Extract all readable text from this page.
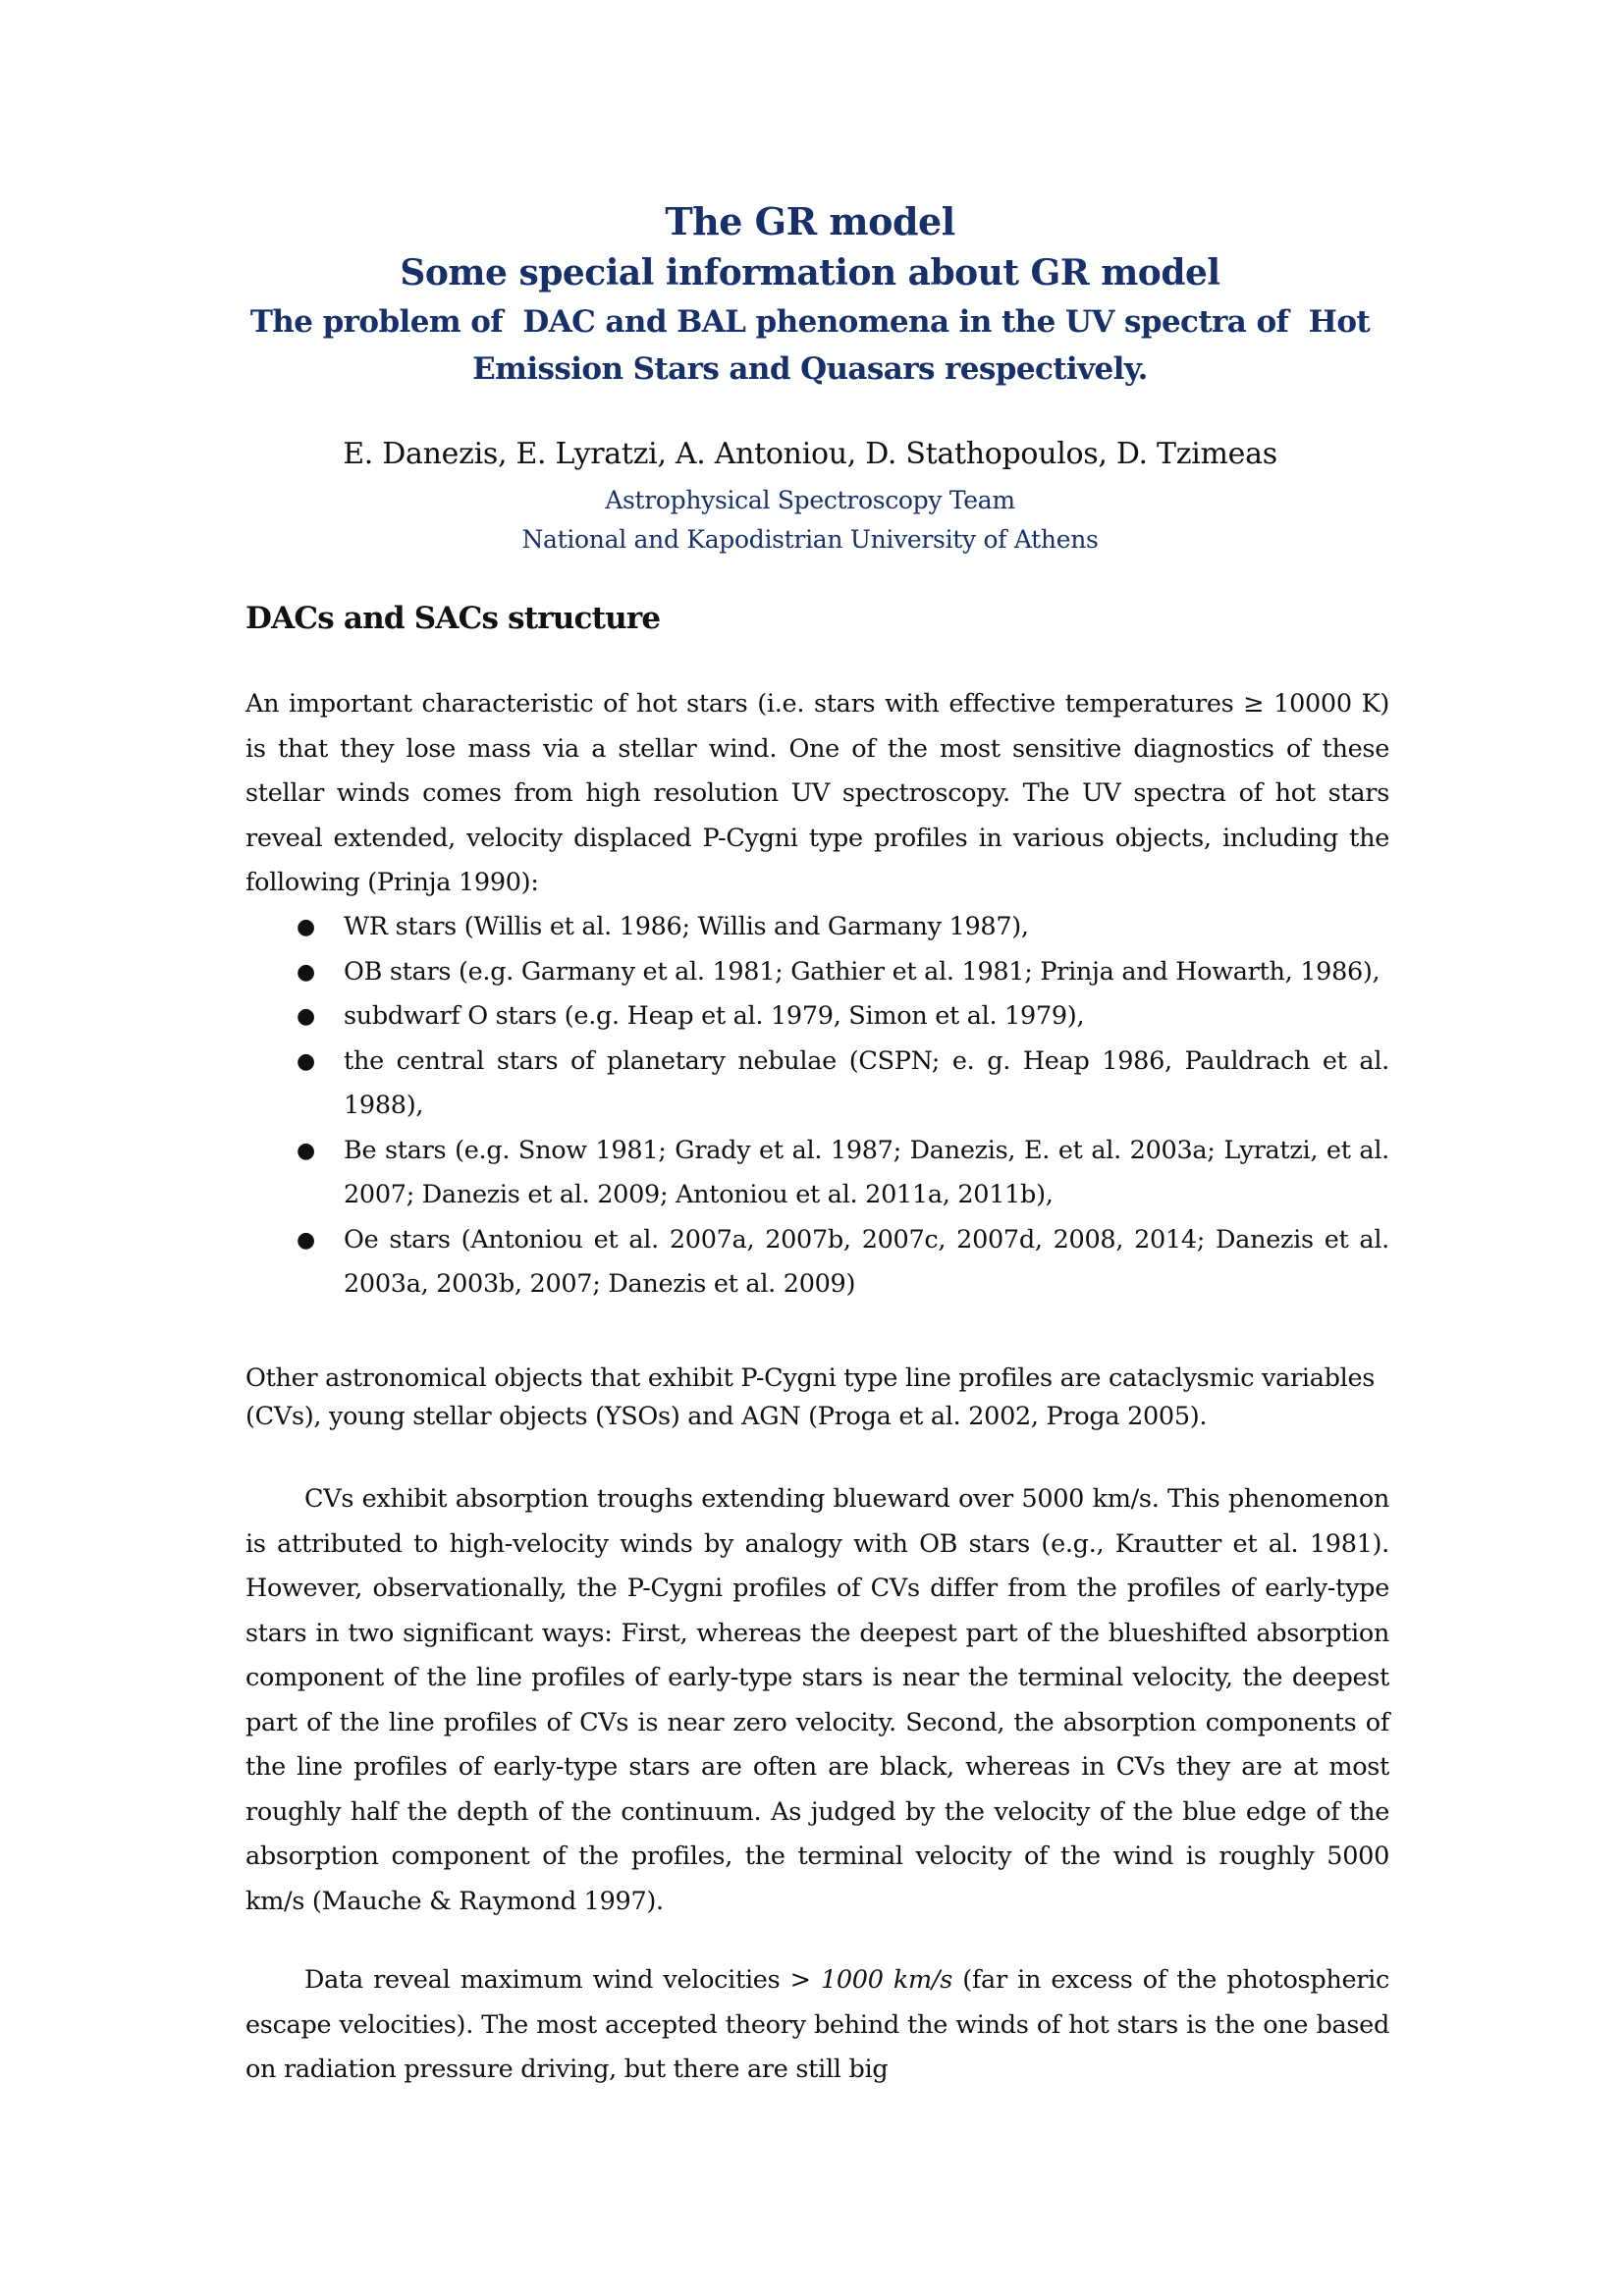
The GR model
Some special information about GR model
The problem of  DAC and BAL phenomena in the UV spectra of  Hot
Emission Stars and Quasars respectively.
E. Danezis, E. Lyratzi, A. Antoniou, D. Stathopoulos, D. Tzimeas
Astrophysical Spectroscopy Team
National and Kapodistrian University of Athens
DACs and SACs structure

An important characteristic of hot stars (i.e. stars with effective temperatures ≥ 10000 K) is that they lose mass via a stellar wind. One of the most sensitive diagnostics of these stellar winds comes from high resolution UV spectroscopy. The UV spectra of hot stars reveal extended, velocity displaced P-Cygni type profiles in various objects, including the following (Prinja 1990):

● WR stars (Willis et al. 1986; Willis and Garmany 1987),
● OB stars (e.g. Garmany et al. 1981; Gathier et al. 1981; Prinja and Howarth, 1986),
● subdwarf O stars (e.g. Heap et al. 1979, Simon et al. 1979),
● the central stars of planetary nebulae (CSPN; e. g. Heap 1986, Pauldrach et al. 1988),
● Be stars (e.g. Snow 1981; Grady et al. 1987; Danezis, E. et al. 2003a; Lyratzi, et al. 2007; Danezis et al. 2009; Antoniou et al. 2011a, 2011b),
● Oe stars (Antoniou et al. 2007a, 2007b, 2007c, 2007d, 2008, 2014; Danezis et al. 2003a, 2003b, 2007; Danezis et al. 2009)

Other astronomical objects that exhibit P-Cygni type line profiles are cataclysmic variables (CVs), young stellar objects (YSOs) and AGN (Proga et al. 2002, Proga 2005).

CVs exhibit absorption troughs extending blueward over 5000 km/s. This phenomenon is attributed to high-velocity winds by analogy with OB stars (e.g., Krautter et al. 1981). However, observationally, the P-Cygni profiles of CVs differ from the profiles of early-type stars in two significant ways: First, whereas the deepest part of the blueshifted absorption component of the line profiles of early-type stars is near the terminal velocity, the deepest part of the line profiles of CVs is near zero velocity. Second, the absorption components of the line profiles of early-type stars are often are black, whereas in CVs they are at most roughly half the depth of the continuum. As judged by the velocity of the blue edge of the absorption component of the profiles, the terminal velocity of the wind is roughly 5000 km/s (Mauche & Raymond 1997).

Data reveal maximum wind velocities > 1000 km/s (far in excess of the photospheric escape velocities). The most accepted theory behind the winds of hot stars is the one based on radiation pressure driving, but there are still big
